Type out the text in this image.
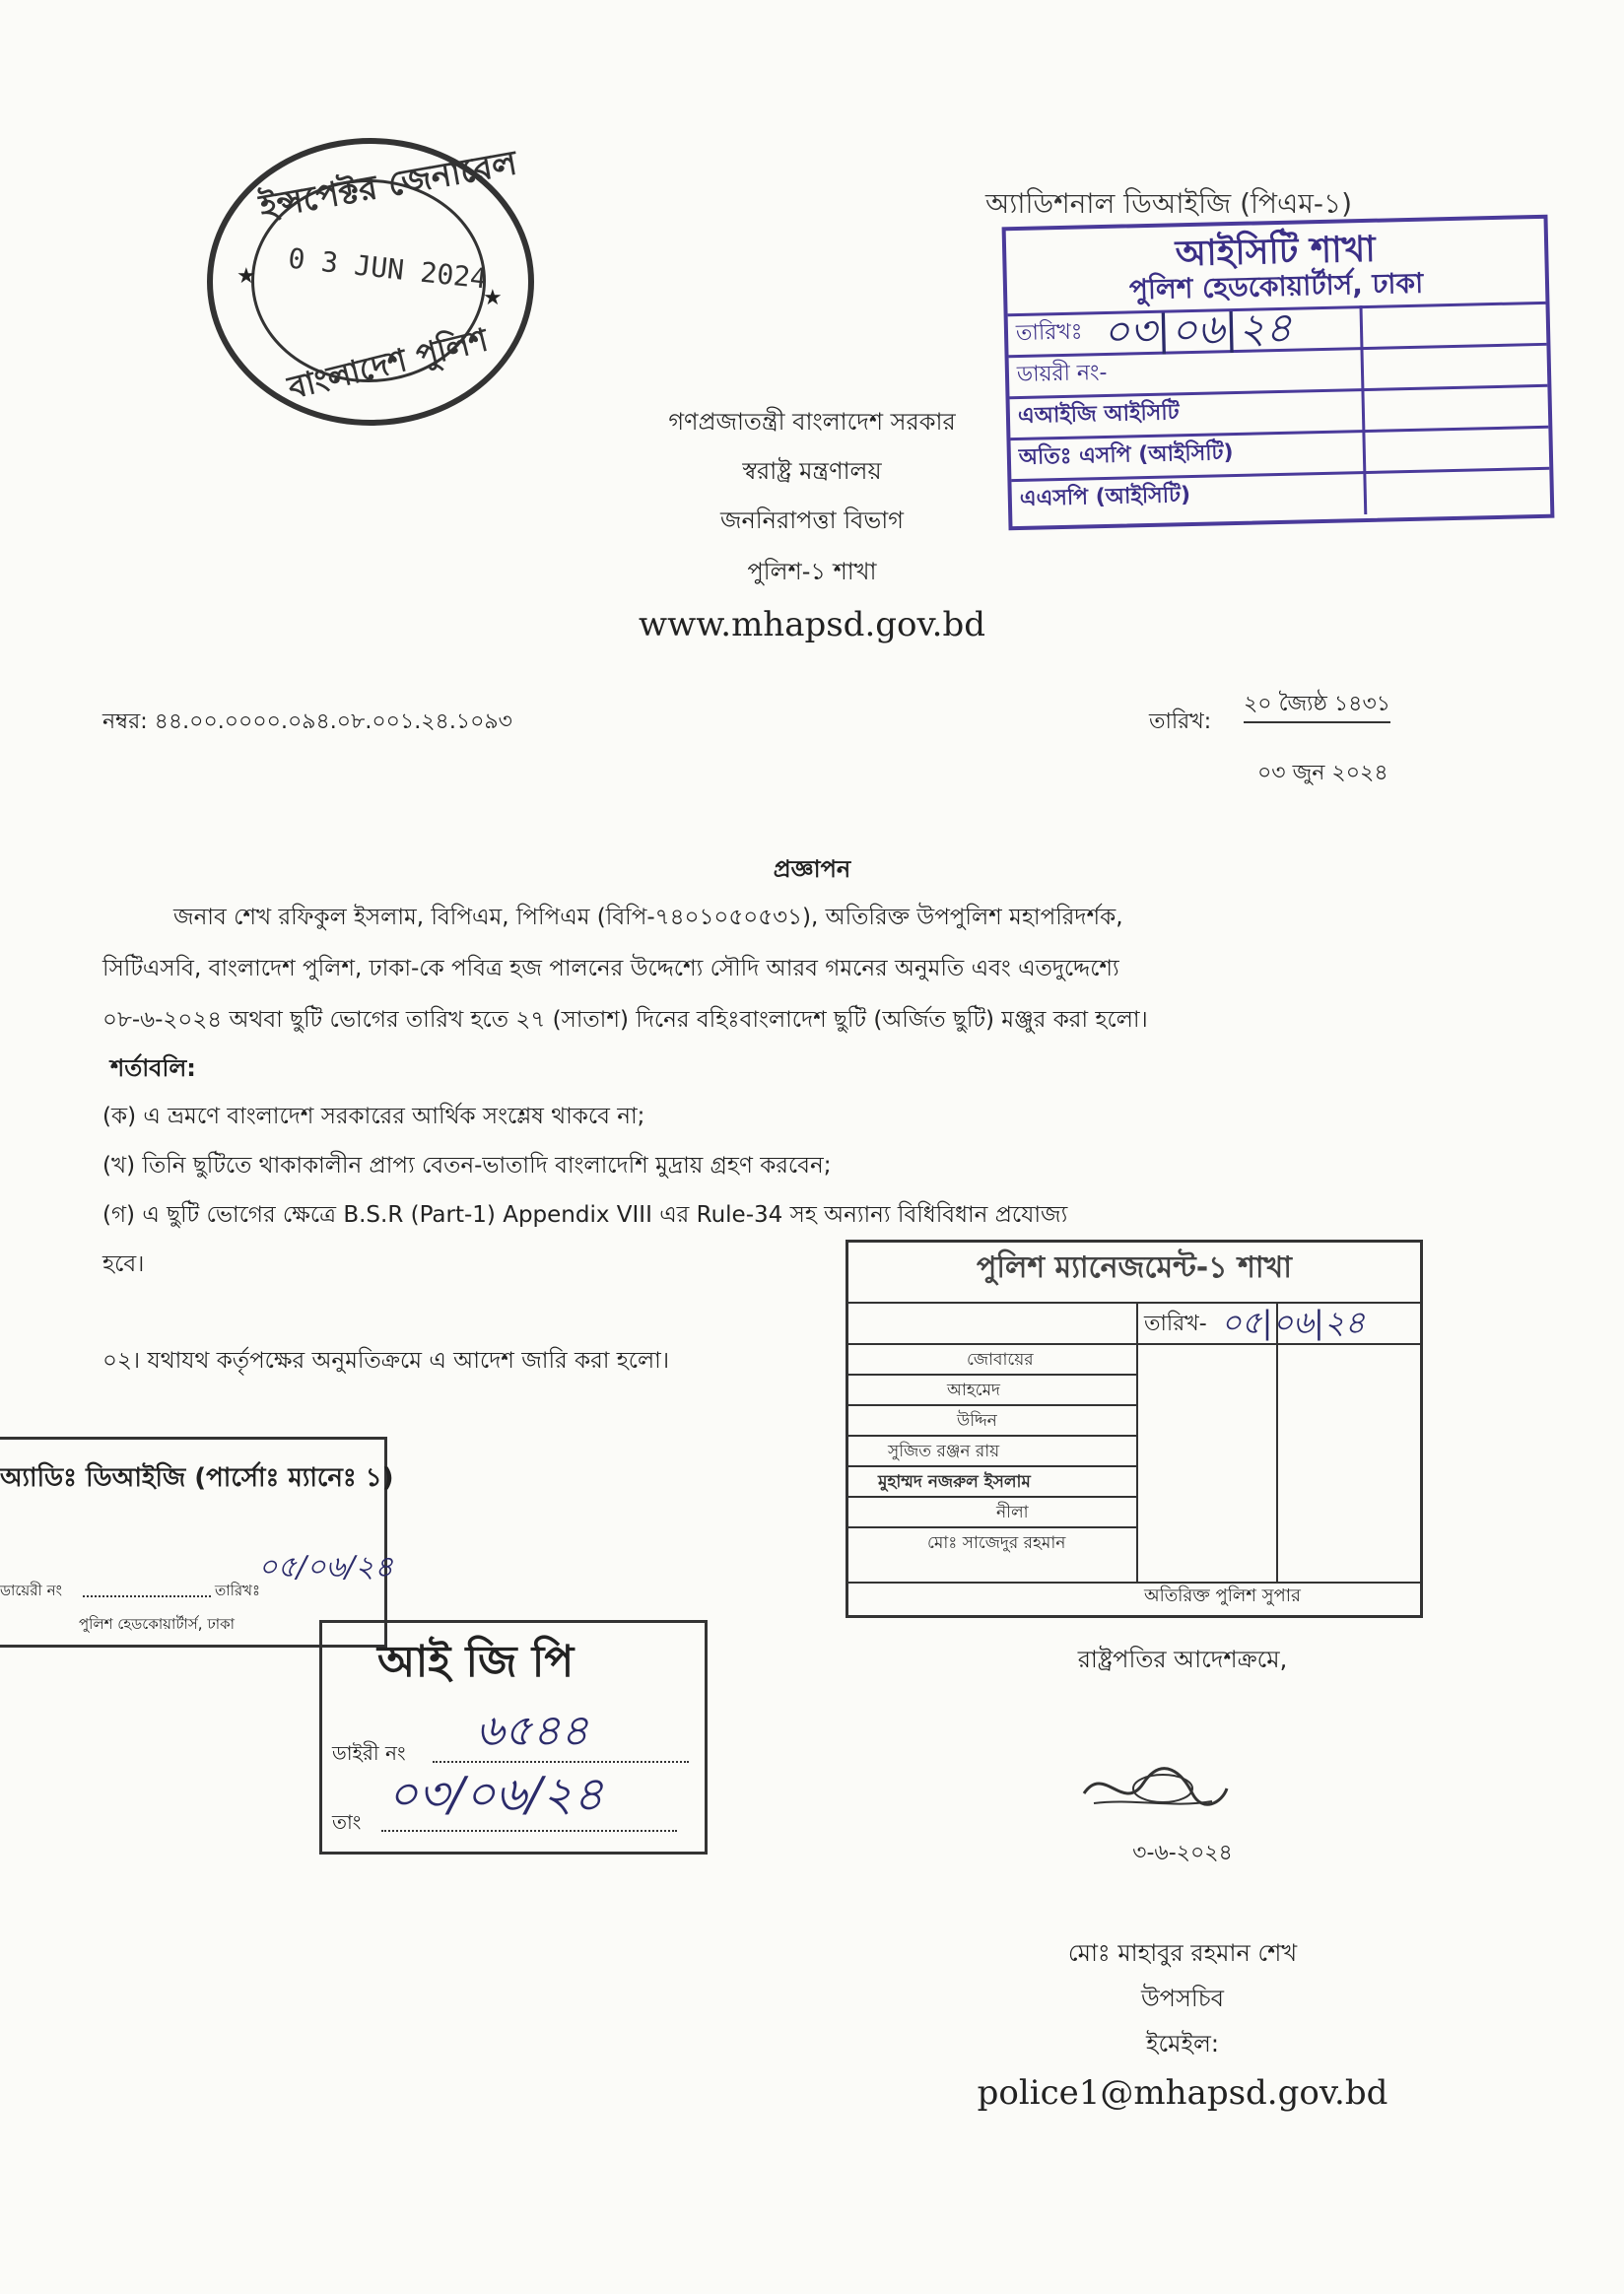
ইন্সপেক্টর জেনারেল
0 3 JUN 2024
বাংলাদেশ পুলিশ
★
★
অ্যাডিশনাল ডিআইজি (পিএম-১)
আইসিটি শাখা
পুলিশ হেডকোয়ার্টার্স, ঢাকা
তারিখঃ ০৩|০৬|২৪
ডায়রী নং-
এআইজি আইসিটি
অতিঃ এসপি (আইসিটি)
এএসপি (আইসিটি)
গণপ্রজাতন্ত্রী বাংলাদেশ সরকার
স্বরাষ্ট্র মন্ত্রণালয়
জননিরাপত্তা বিভাগ
পুলিশ-১ শাখা
www.mhapsd.gov.bd
নম্বর: ৪৪.০০.০০০০.০৯৪.০৮.০০১.২৪.১০৯৩	তারিখ:
২০ জ্যৈষ্ঠ ১৪৩১
০৩ জুন ২০২৪
প্রজ্ঞাপন
জনাব শেখ রফিকুল ইসলাম, বিপিএম, পিপিএম (বিপি-৭৪০১০৫০৫৩১), অতিরিক্ত উপপুলিশ মহাপরিদর্শক,
সিটিএসবি, বাংলাদেশ পুলিশ, ঢাকা-কে পবিত্র হজ পালনের উদ্দেশ্যে সৌদি আরব গমনের অনুমতি এবং এতদুদ্দেশ্যে
০৮-৬-২০২৪ অথবা ছুটি ভোগের তারিখ হতে ২৭ (সাতাশ) দিনের বহিঃবাংলাদেশ ছুটি (অর্জিত ছুটি) মঞ্জুর করা হলো।
শর্তাবলি:
(ক) এ ভ্রমণে বাংলাদেশ সরকারের আর্থিক সংশ্লেষ থাকবে না;
(খ) তিনি ছুটিতে থাকাকালীন প্রাপ্য বেতন-ভাতাদি বাংলাদেশি মুদ্রায় গ্রহণ করবেন;
(গ) এ ছুটি ভোগের ক্ষেত্রে B.S.R (Part-1) Appendix VIII এর Rule-34 সহ অন্যান্য বিধিবিধান প্রযোজ্য
হবে।
০২। যথাযথ কর্তৃপক্ষের অনুমতিক্রমে এ আদেশ জারি করা হলো।
পুলিশ ম্যানেজমেন্ট-১ শাখা
তারিখ- ০৫|০৬|২৪
জোবায়ের
আহমেদ
উদ্দিন
সুজিত রঞ্জন রায়
মুহাম্মদ নজরুল ইসলাম
নীলা
মোঃ সাজেদুর রহমান
অতিরিক্ত পুলিশ সুপার
অ্যাডিঃ ডিআইজি (পার্সোঃ ম্যানেঃ ১)
০৫/০৬/২৪
ডায়েরী নং	তারিখঃ
পুলিশ হেডকোয়ার্টার্স, ঢাকা
আই জি পি
ডাইরী নং ৬৫৪৪
তাং ০৩/০৬/২৪
রাষ্ট্রপতির আদেশক্রমে,
৩-৬-২০২৪
মোঃ মাহাবুর রহমান শেখ
উপসচিব
ইমেইল:
police1@mhapsd.gov.bd
